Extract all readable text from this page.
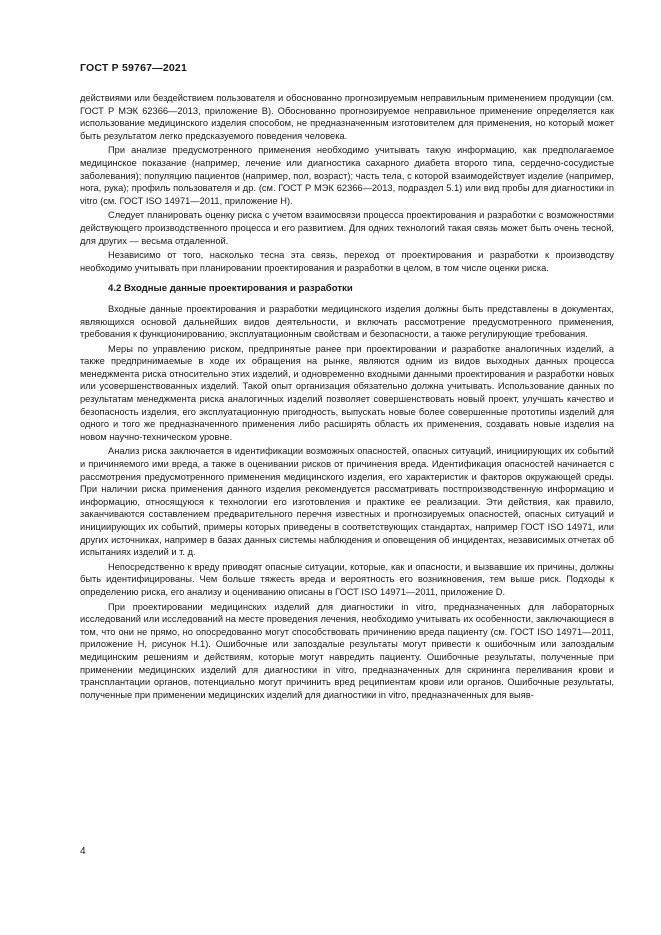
ГОСТ Р 59767—2021

действиями или бездействием пользователя и обоснованно прогнозируемым неправильным применением продукции (см. ГОСТ Р МЭК 62366—2013, приложение В). Обоснованно прогнозируемое неправильное применение определяется как использование медицинского изделия способом, не предназначенным изготовителем для применения, но который может быть результатом легко предсказуемого поведения человека.

При анализе предусмотренного применения необходимо учитывать такую информацию, как предполагаемое медицинское показание (например, лечение или диагностика сахарного диабета второго типа, сердечно-сосудистые заболевания); популяцию пациентов (например, пол, возраст); часть тела, с которой взаимодействует изделие (например, нога, рука); профиль пользователя и др. (см. ГОСТ Р МЭК 62366—2013, подраздел 5.1) или вид пробы для диагностики in vitro (см. ГОСТ ISO 14971—2011, приложение Н).

Следует планировать оценку риска с учетом взаимосвязи процесса проектирования и разработки с возможностями действующего производственного процесса и его развитием. Для одних технологий такая связь может быть очень тесной, для других — весьма отдаленной.

Независимо от того, насколько тесна эта связь, переход от проектирования и разработки к производству необходимо учитывать при планировании проектирования и разработки в целом, в том числе оценки риска.

4.2 Входные данные проектирования и разработки

Входные данные проектирования и разработки медицинского изделия должны быть представлены в документах, являющихся основой дальнейших видов деятельности, и включать рассмотрение предусмотренного применения, требования к функционированию, эксплуатационным свойствам и безопасности, а также регулирующие требования.

Меры по управлению риском, предпринятые ранее при проектировании и разработке аналогичных изделий, а также предпринимаемые в ходе их обращения на рынке, являются одним из видов выходных данных процесса менеджмента риска относительно этих изделий, и одновременно входными данными проектирования и разработки новых или усовершенствованных изделий. Такой опыт организация обязательно должна учитывать. Использование данных по результатам менеджмента риска аналогичных изделий позволяет совершенствовать новый проект, улучшать качество и безопасность изделия, его эксплуатационную пригодность, выпускать новые более совершенные прототипы изделий для одного и того же предназначенного применения либо расширять область их применения, создавать новые изделия на новом научно-техническом уровне.

Анализ риска заключается в идентификации возможных опасностей, опасных ситуаций, инициирующих их событий и причиняемого ими вреда, а также в оценивании рисков от причинения вреда. Идентификация опасностей начинается с рассмотрения предусмотренного применения медицинского изделия, его характеристик и факторов окружающей среды. При наличии риска применения данного изделия рекомендуется рассматривать постпроизводственную информацию и информацию, относящуюся к технологии его изготовления и практике ее реализации. Эти действия, как правило, заканчиваются составлением предварительного перечня известных и прогнозируемых опасностей, опасных ситуаций и инициирующих их событий, примеры которых приведены в соответствующих стандартах, например ГОСТ ISO 14971, или других источниках, например в базах данных системы наблюдения и оповещения об инцидентах, независимых отчетах об испытаниях изделий и т. д.

Непосредственно к вреду приводят опасные ситуации, которые, как и опасности, и вызвавшие их причины, должны быть идентифицированы. Чем больше тяжесть вреда и вероятность его возникновения, тем выше риск. Подходы к определению риска, его анализу и оцениванию описаны в ГОСТ ISO 14971—2011, приложение D.

При проектировании медицинских изделий для диагностики in vitro, предназначенных для лабораторных исследований или исследований на месте проведения лечения, необходимо учитывать их особенности, заключающиеся в том, что они не прямо, но опосредованно могут способствовать причинению вреда пациенту (см. ГОСТ ISO 14971—2011, приложение Н, рисунок Н.1). Ошибочные или запоздалые результаты могут привести к ошибочным или запоздалым медицинским решениям и действиям, которые могут навредить пациенту. Ошибочные результаты, полученные при применении медицинских изделий для диагностики in vitro, предназначенных для скрининга переливания крови и трансплантации органов, потенциально могут причинить вред реципиентам крови или органов. Ошибочные результаты, полученные при применении медицинских изделий для диагностики in vitro, предназначенных для выяв-

4
